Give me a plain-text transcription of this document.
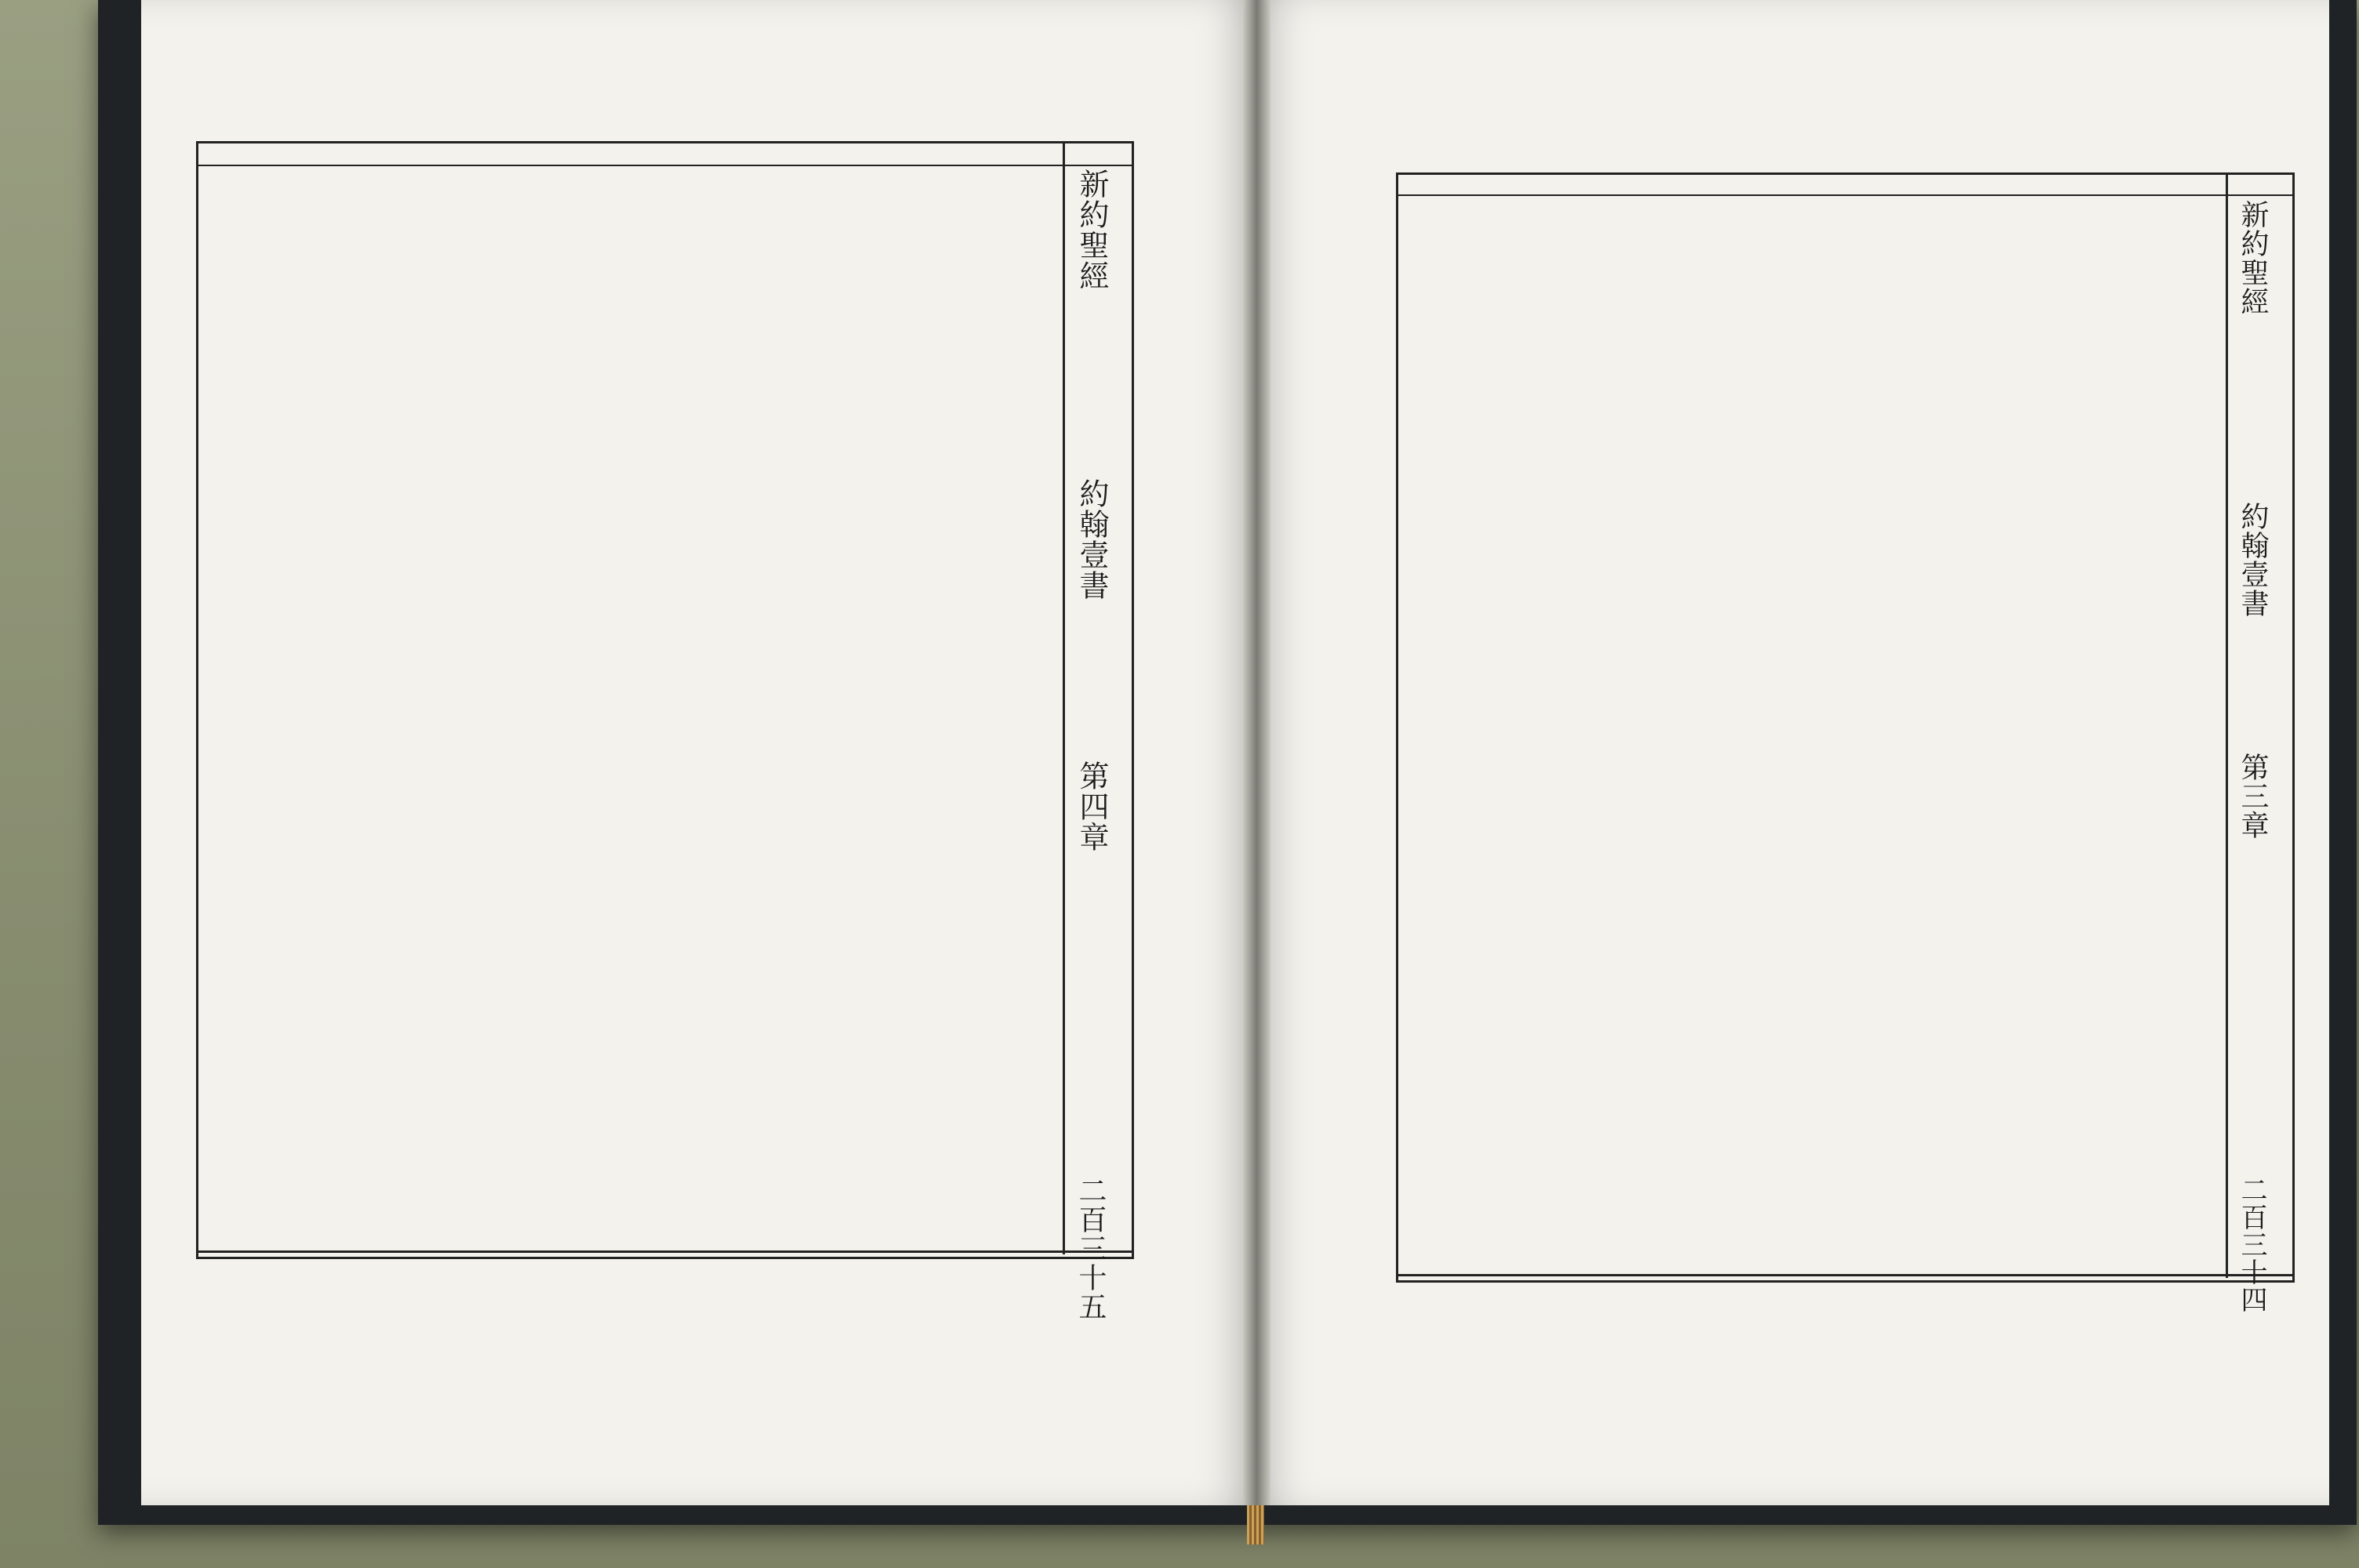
新約聖經
約翰壹書
第四章
二百三十五
新約聖經
約翰壹書
第三章
二百三十四
